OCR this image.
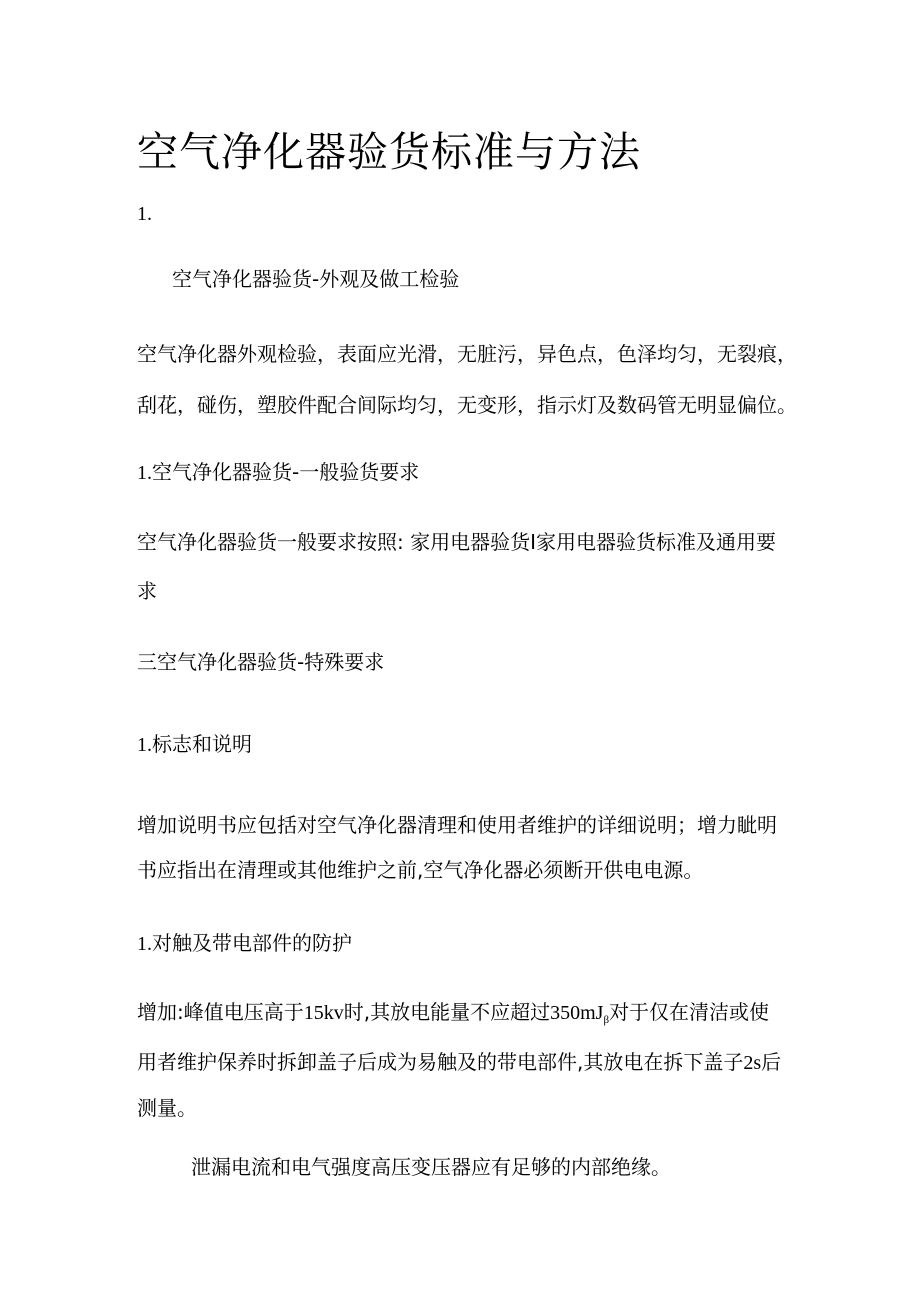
空气净化器验货标准与方法

1.

空气净化器验货-外观及做工检验

空气净化器外观检验，表面应光滑，无脏污，异色点，色泽均匀，无裂痕，

刮花，碰伤，塑胶件配合间际均匀，无变形，指示灯及数码管无明显偏位。

1.空气净化器验货-一般验货要求

空气净化器验货一般要求按照: 家用电器验货I家用电器验货标准及通用要

求

三空气净化器验货-特殊要求

1.标志和说明

增加说明书应包括对空气净化器清理和使用者维护的详细说明；增力眦明

书应指出在清理或其他维护之前,空气净化器必须断开供电电源。

1.对触及带电部件的防护

增加:峰值电压高于15kv时,其放电能量不应超过$350mJ_\beta$对于仅在清洁或使

用者维护保养时拆卸盖子后成为易触及的带电部件,其放电在拆下盖子2s后

测量。

泄漏电流和电气强度高压变压器应有足够的内部绝缘。
